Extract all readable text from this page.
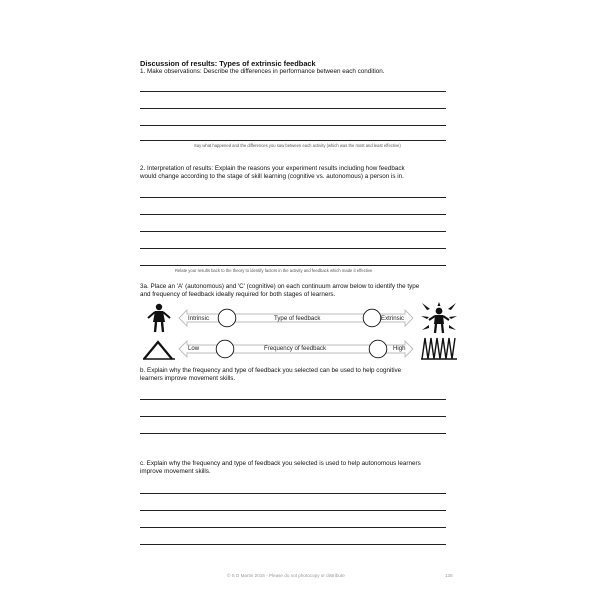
Discussion of results: Types of extrinsic feedback
1. Make observations: Describe the differences in performance between each condition.
Say what happened and the differences you saw between each activity (which was the most and least effective)
2. Interpretation of results: Explain the reasons your experiment results including how feedback
would change according to the stage of skill learning (cognitive vs. autonomous) a person is in.
Relate your results back to the theory to identify factors in the activity and feedback which made it effective
3a. Place an 'A' (autonomous) and 'C' (cognitive) on each continuum arrow below to identify the type
and frequency of feedback ideally required for both stages of learners.
Intrinsic	Type of feedback	Extrinsic
Low	Frequency of feedback	High
b. Explain why the frequency and type of feedback you selected can be used to help cognitive
learners improve movement skills.
c. Explain why the frequency and type of feedback you selected is used to help autonomous learners
improve movement skills.
© S D Martin 2016 - Please do not photocopy or distribute	138
